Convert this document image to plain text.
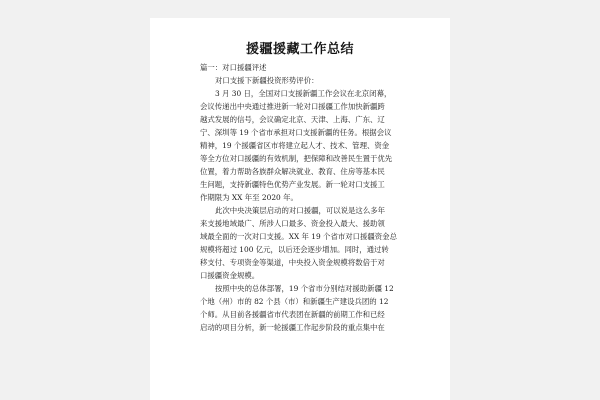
援疆援藏工作总结
篇一：对口援疆评述
对口支援下新疆投资形势评价：
3 月 30 日，全国对口支援新疆工作会议在北京闭幕，
会议传递出中央通过推进新一轮对口援疆工作加快新疆跨
越式发展的信号，会议确定北京、天津、上海、广东、辽
宁、深圳等 19 个省市承担对口支援新疆的任务。根据会议
精神，19 个援疆省区市将建立起人才、技术、管理、资金
等全方位对口援疆的有效机制，把保障和改善民生置于优先
位置，着力帮助各族群众解决就业、教育、住房等基本民
生问题，支持新疆特色优势产业发展。新一轮对口支援工
作期限为 XX 年至 2020 年。
此次中央决策层启动的对口援疆，可以说是这么多年
来支援地域最广、所涉人口最多、资金投入最大、援助领
域最全面的一次对口支援。XX 年 19 个省市对口援疆资金总
规模将超过 100 亿元，以后还会逐步增加。同时，通过转
移支付、专项资金等渠道，中央投入资金规模将数倍于对
口援疆资金规模。
按照中央的总体部署，19 个省市分别结对援助新疆 12
个地（州）市的 82 个县（市）和新疆生产建设兵团的 12
个师。从目前各援疆省市代表团在新疆的前期工作和已经
启动的项目分析，新一轮援疆工作起步阶段的重点集中在
